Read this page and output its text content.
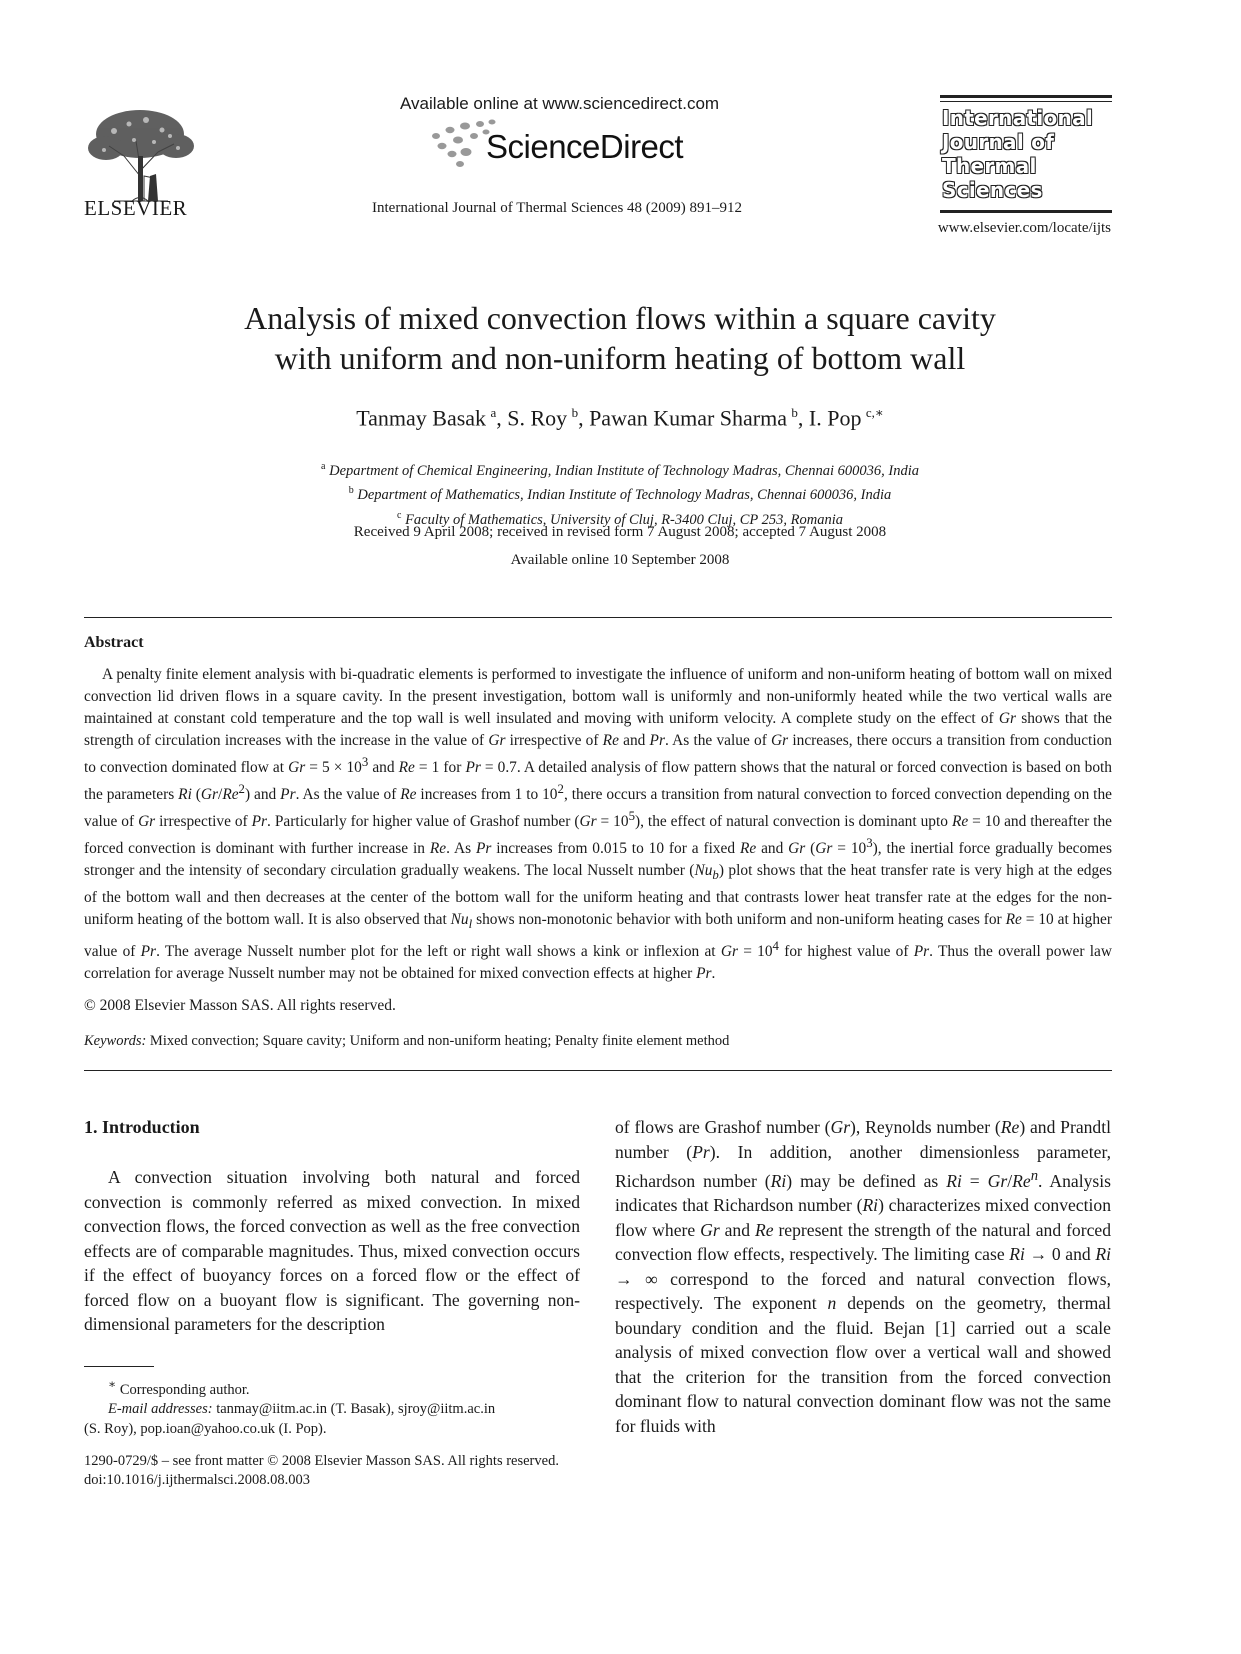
ELSEVIER
Available online at www.sciencedirect.com
ScienceDirect
International Journal of Thermal Sciences 48 (2009) 891–912
International
Journal of
Thermal
Sciences
www.elsevier.com/locate/ijts
Analysis of mixed convection flows within a square cavity
with uniform and non-uniform heating of bottom wall
Tanmay Basak  $^a$, S. Roy  $^b$, Pawan Kumar Sharma  $^b$, I. Pop  $^{c,∗}$
$^a$ Department of Chemical Engineering, Indian Institute of Technology Madras, Chennai 600036, India
$^b$ Department of Mathematics, Indian Institute of Technology Madras, Chennai 600036, India
$^c$ Faculty of Mathematics, University of Cluj, R-3400 Cluj, CP 253, Romania
Received 9 April 2008; received in revised form 7 August 2008; accepted 7 August 2008
Available online 10 September 2008
Abstract
A penalty finite element analysis with bi-quadratic elements is performed to investigate the influence of uniform and non-uniform heating of bottom wall on mixed convection lid driven flows in a square cavity. In the present investigation, bottom wall is uniformly and non-uniformly heated while the two vertical walls are maintained at constant cold temperature and the top wall is well insulated and moving with uniform velocity. A complete study on the effect of Gr shows that the strength of circulation increases with the increase in the value of Gr irrespective of Re and Pr. As the value of Gr increases, there occurs a transition from conduction to convection dominated flow at $Gr = 5 \times 10^3$ and Re = 1 for Pr = 0.7. A detailed analysis of flow pattern shows that the natural or forced convection is based on both the parameters Ri (Gr/Re$^2$) and Pr. As the value of Re increases from 1 to $10^2$, there occurs a transition from natural convection to forced convection depending on the value of Gr irrespective of Pr. Particularly for higher value of Grashof number $(Gr = 10^5)$, the effect of natural convection is dominant upto Re = 10 and thereafter the forced convection is dominant with further increase in Re. As Pr increases from 0.015 to 10 for a fixed Re and Gr $(Gr = 10^3)$, the inertial force gradually becomes stronger and the intensity of secondary circulation gradually weakens. The local Nusselt number $(Nu_b)$ plot shows that the heat transfer rate is very high at the edges of the bottom wall and then decreases at the center of the bottom wall for the uniform heating and that contrasts lower heat transfer rate at the edges for the non-uniform heating of the bottom wall. It is also observed that $Nu_l$ shows non-monotonic behavior with both uniform and non-uniform heating cases for Re = 10 at higher value of Pr. The average Nusselt number plot for the left or right wall shows a kink or inflexion at $Gr = 10^4$ for highest value of Pr. Thus the overall power law correlation for average Nusselt number may not be obtained for mixed convection effects at higher Pr.
© 2008 Elsevier Masson SAS. All rights reserved.
Keywords: Mixed convection; Square cavity; Uniform and non-uniform heating; Penalty finite element method
1. Introduction
A convection situation involving both natural and forced convection is commonly referred as mixed convection. In mixed convection flows, the forced convection as well as the free convection effects are of comparable magnitudes. Thus, mixed convection occurs if the effect of buoyancy forces on a forced flow or the effect of forced flow on a buoyant flow is significant. The governing non-dimensional parameters for the description
of flows are Grashof number (Gr), Reynolds number (Re) and Prandtl number (Pr). In addition, another dimensionless parameter, Richardson number (Ri) may be defined as $Ri = Gr/Re^n$. Analysis indicates that Richardson number (Ri) characterizes mixed convection flow where Gr and Re represent the strength of the natural and forced convection flow effects, respectively. The limiting case Ri → 0 and Ri → ∞ correspond to the forced and natural convection flows, respectively. The exponent n depends on the geometry, thermal boundary condition and the fluid. Bejan [1] carried out a scale analysis of mixed convection flow over a vertical wall and showed that the criterion for the transition from the forced convection dominant flow to natural convection dominant flow was not the same for fluids with
∗ Corresponding author.
E-mail addresses: tanmay@iitm.ac.in (T. Basak), sjroy@iitm.ac.in
(S. Roy), pop.ioan@yahoo.co.uk (I. Pop).
1290-0729/$ – see front matter © 2008 Elsevier Masson SAS. All rights reserved.
doi:10.1016/j.ijthermalsci.2008.08.003
